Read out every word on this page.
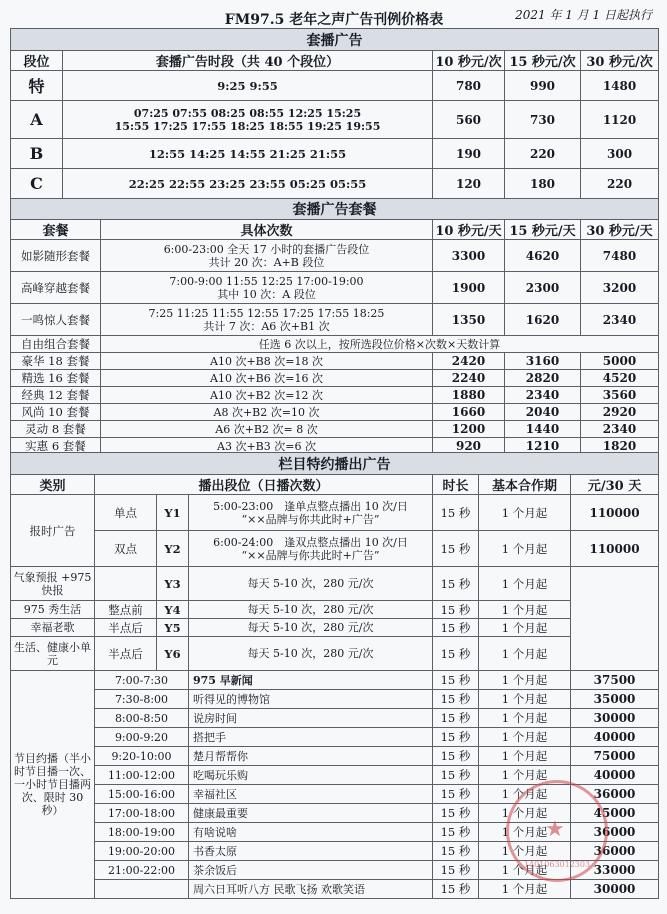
FM97.5 老年之声广告刊例价格表	2021 年 1 月 1 日起执行
套播广告				
段位	套播广告时段（共 40 个段位）	10 秒元/次	15 秒元/次	30 秒元/次
特	9:25 9:55	780	990	1480
A	07:25 07:55 08:25 08:55 12:25 15:25
15:55 17:25 17:55 18:25 18:55 19:25 19:55	560	730	1120
B	12:55 14:25 14:55 21:25 21:55	190	220	300
C	22:25 22:55 23:25 23:55 05:25 05:55	120	180	220
套播广告套餐				
套餐	具体次数	10 秒元/天	15 秒元/天	30 秒元/天
如影随形套餐	6:00-23:00 全天 17 小时的套播广告段位
共计 20 次：A+B 段位	3300	4620	7480
高峰穿越套餐	7:00-9:00 11:55 12:25 17:00-19:00
其中 10 次：A 段位	1900	2300	3200
一鸣惊人套餐	7:25 11:25 11:55 12:55 17:25 17:55 18:25
共计 7 次：A6 次+B1 次	1350	1620	2340
自由组合套餐	任选 6 次以上，按所选段位价格×次数×天数计算			
豪华 18 套餐	A10 次+B8 次=18 次	2420	3160	5000
精选 16 套餐	A10 次+B6 次=16 次	2240	2820	4520
经典 12 套餐	A10 次+B2 次=12 次	1880	2340	3560
风尚 10 套餐	A8 次+B2 次=10 次	1660	2040	2920
灵动 8 套餐	A6 次+B2 次= 8 次	1200	1440	2340
实惠 6 套餐	A3 次+B3 次=6 次	920	1210	1820
栏目特约播出广告						
类别	播出段位（日播次数）			时长	基本合作期	元/30 天
报时广告	单点	Y1	5:00-23:00　逢单点整点播出 10 次/日
“××品牌与你共此时+广告”	15 秒	1 个月起	110000
	双点	Y2	6:00-24:00　逢双点整点播出 10 次/日
“××品牌与你共此时+广告”	15 秒	1 个月起	110000
气象预报 +975 快报		Y3	每天 5-10 次，280 元/次	15 秒	1 个月起	
975 秀生活	整点前	Y4	每天 5-10 次，280 元/次	15 秒	1 个月起	
幸福老歌	半点后	Y5	每天 5-10 次，280 元/次	15 秒	1 个月起	
生活、健康小单元	半点后	Y6	每天 5-10 次，280 元/次	15 秒	1 个月起	
节目约播（半小时节目播一次、一小时节目播两次、限时 30 秒）	7:00-7:30		975 早新闻	15 秒	1 个月起	37500
	7:30-8:00		听得见的博物馆	15 秒	1 个月起	35000
	8:00-8:50		说房时间	15 秒	1 个月起	30000
	9:00-9:20		搭把手	15 秒	1 个月起	40000
	9:20-10:00		楚月帮帮你	15 秒	1 个月起	75000
	11:00-12:00		吃喝玩乐购	15 秒	1 个月起	40000
	15:00-16:00		幸福社区	15 秒	1 个月起	36000
	17:00-18:00		健康最重要	15 秒	1 个月起	45000
	18:00-19:00		有啥说啥	15 秒	1 个月起	36000
	19:00-20:00		书香太原	15 秒	1 个月起	36000
	21:00-22:00		茶余饭后	15 秒	1 个月起	33000
			周六日耳听八方 民歌飞扬 欢歌笑语	15 秒	1 个月起	30000
★
1401063012303
